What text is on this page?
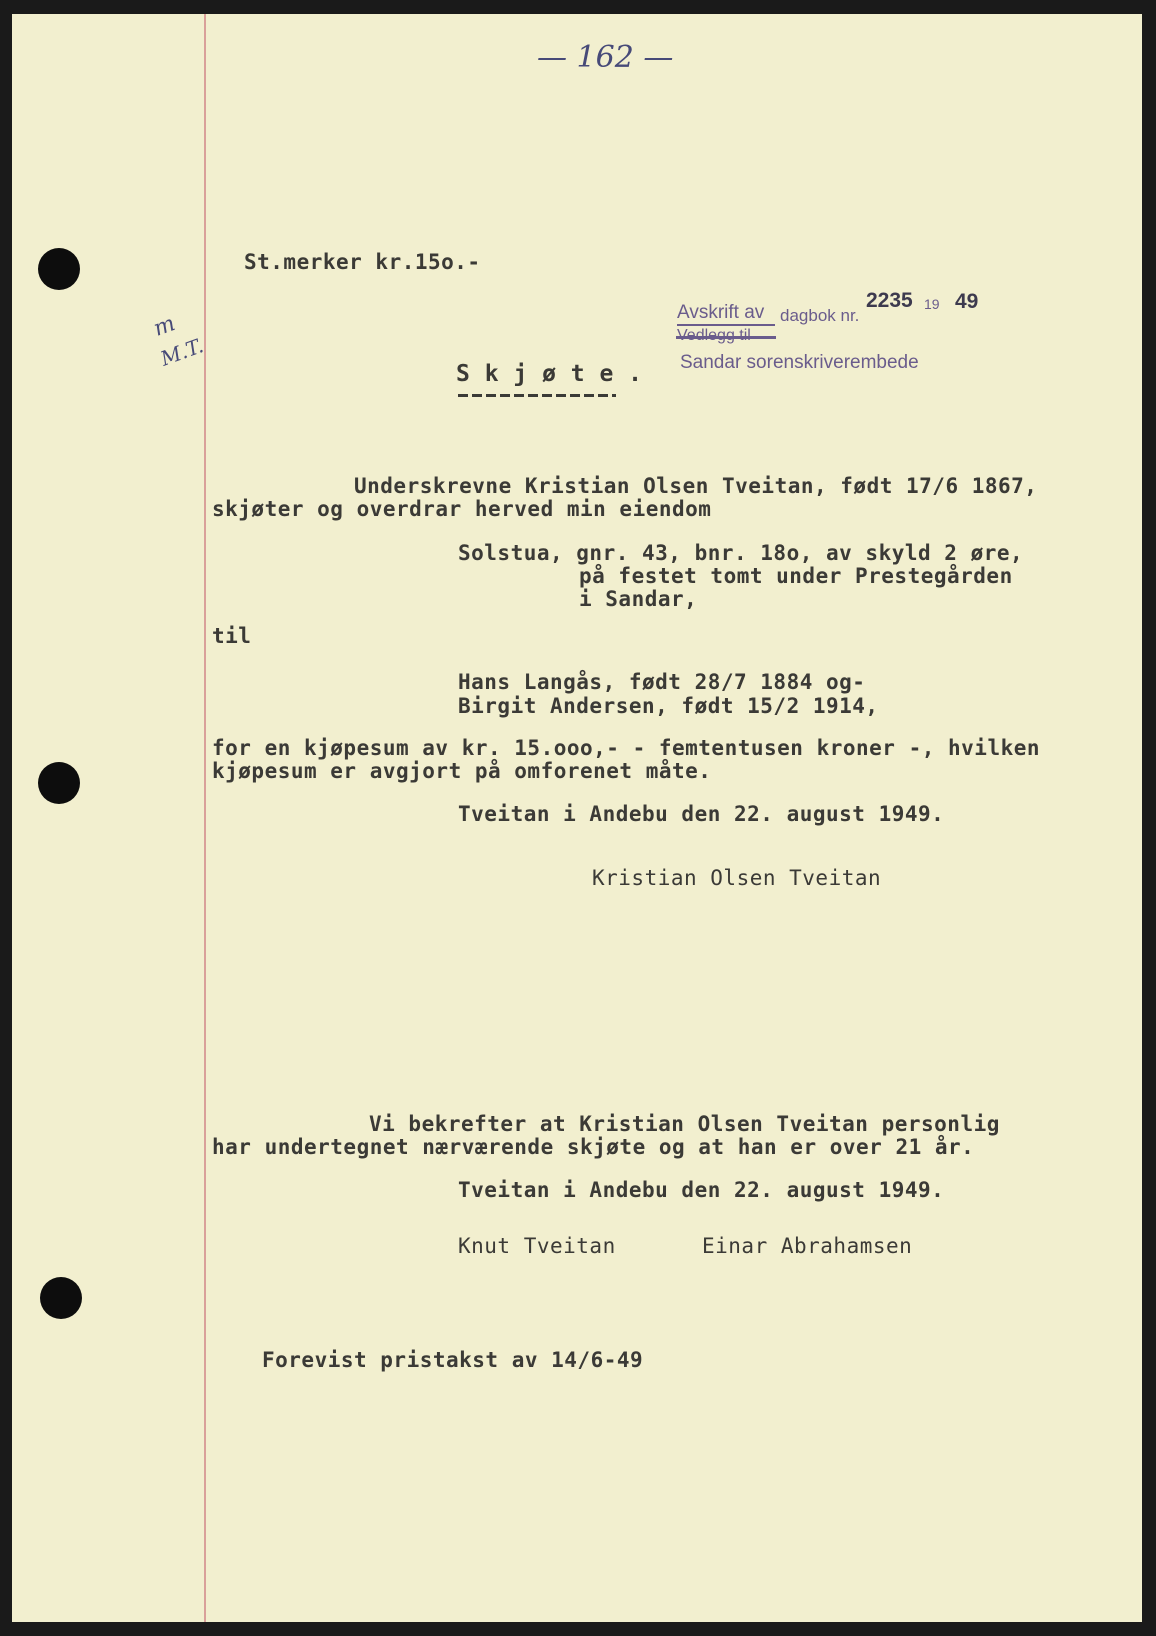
— 162 —
m
M.T.
St.merker kr.15o.-
Avskrift av dagbok nr.
2235 19 49
Sandar sorenskriverembede
S k j ø t e .
Underskrevne Kristian Olsen Tveitan, født 17/6 1867,
skjøter og overdrar herved min eiendom
Solstua, gnr. 43, bnr. 18o, av skyld 2 øre,
på festet tomt under Prestegården
i Sandar,
til
Hans Langås, født 28/7 1884 og-
Birgit Andersen, født 15/2 1914,
for en kjøpesum av kr. 15.ooo,- - femtentusen kroner -, hvilken
kjøpesum er avgjort på omforenet måte.
Tveitan i Andebu den 22. august 1949.
Kristian Olsen Tveitan
Vi bekrefter at Kristian Olsen Tveitan personlig
har undertegnet nærværende skjøte og at han er over 21 år.
Tveitan i Andebu den 22. august 1949.
Knut Tveitan	Einar Abrahamsen
Forevist pristakst av 14/6-49
